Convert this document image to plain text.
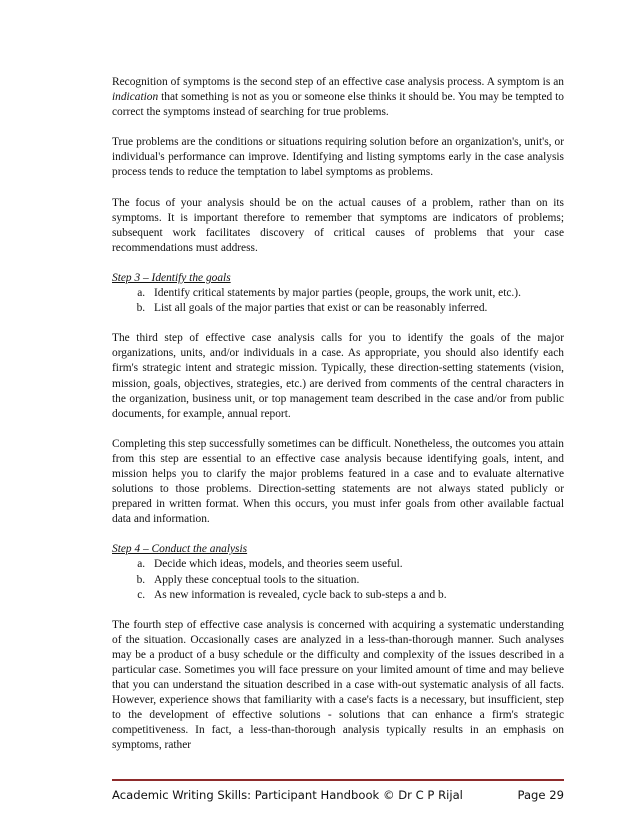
Recognition of symptoms is the second step of an effective case analysis process. A symptom is an indication that something is not as you or someone else thinks it should be. You may be tempted to correct the symptoms instead of searching for true problems.

True problems are the conditions or situations requiring solution before an organization's, unit's, or individual's performance can improve. Identifying and listing symptoms early in the case analysis process tends to reduce the temptation to label symptoms as problems.

The focus of your analysis should be on the actual causes of a problem, rather than on its symptoms. It is important therefore to remember that symptoms are indicators of problems; subsequent work facilitates discovery of critical causes of problems that your case recommendations must address.

Step 3 – Identify the goals

a. Identify critical statements by major parties (people, groups, the work unit, etc.).
b. List all goals of the major parties that exist or can be reasonably inferred.

The third step of effective case analysis calls for you to identify the goals of the major organizations, units, and/or individuals in a case. As appropriate, you should also identify each firm's strategic intent and strategic mission. Typically, these direction-setting statements (vision, mission, goals, objectives, strategies, etc.) are derived from comments of the central characters in the organization, business unit, or top management team described in the case and/or from public documents, for example, annual report.

Completing this step successfully sometimes can be difficult. Nonetheless, the outcomes you attain from this step are essential to an effective case analysis because identifying goals, intent, and mission helps you to clarify the major problems featured in a case and to evaluate alternative solutions to those problems. Direction-setting statements are not always stated publicly or prepared in written format. When this occurs, you must infer goals from other available factual data and information.

Step 4 – Conduct the analysis

a. Decide which ideas, models, and theories seem useful.
b. Apply these conceptual tools to the situation.
c. As new information is revealed, cycle back to sub-steps a and b.

The fourth step of effective case analysis is concerned with acquiring a systematic understanding of the situation. Occasionally cases are analyzed in a less-than-thorough manner. Such analyses may be a product of a busy schedule or the difficulty and complexity of the issues described in a particular case. Sometimes you will face pressure on your limited amount of time and may believe that you can understand the situation described in a case with-out systematic analysis of all facts. However, experience shows that familiarity with a case's facts is a necessary, but insufficient, step to the development of effective solutions - solutions that can enhance a firm's strategic competitiveness. In fact, a less-than-thorough analysis typically results in an emphasis on symptoms, rather

Academic Writing Skills: Participant Handbook © Dr C P Rijal	Page 29
